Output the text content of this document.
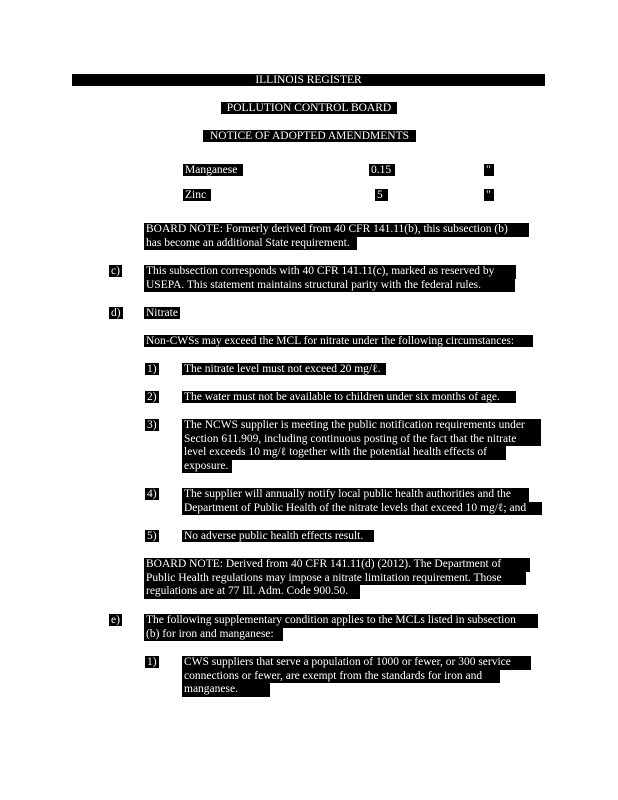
ILLINOIS REGISTER
POLLUTION CONTROL BOARD
NOTICE OF ADOPTED AMENDMENTS
Manganese	0.15	"
Zinc	5	"
BOARD NOTE: Formerly derived from 40 CFR 141.11(b), this subsection (b)
has become an additional State requirement.
c) This subsection corresponds with 40 CFR 141.11(c), marked as reserved by
USEPA. This statement maintains structural parity with the federal rules.
d) Nitrate
Non-CWSs may exceed the MCL for nitrate under the following circumstances:
1) The nitrate level must not exceed 20 mg/ℓ.
2) The water must not be available to children under six months of age.
3) The NCWS supplier is meeting the public notification requirements under
Section 611.909, including continuous posting of the fact that the nitrate
level exceeds 10 mg/ℓ together with the potential health effects of
exposure.
4) The supplier will annually notify local public health authorities and the
Department of Public Health of the nitrate levels that exceed 10 mg/ℓ; and
5) No adverse public health effects result.
BOARD NOTE: Derived from 40 CFR 141.11(d) (2012). The Department of
Public Health regulations may impose a nitrate limitation requirement. Those
regulations are at 77 Ill. Adm. Code 900.50.
e) The following supplementary condition applies to the MCLs listed in subsection
(b) for iron and manganese:
1) CWS suppliers that serve a population of 1000 or fewer, or 300 service
connections or fewer, are exempt from the standards for iron and
manganese.
